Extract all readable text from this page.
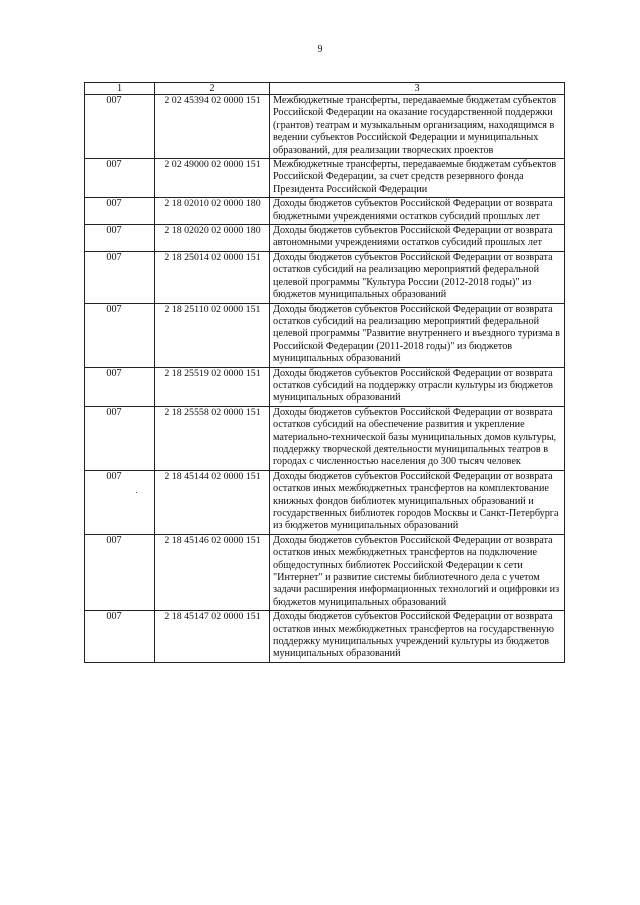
9
1	2	3
007	2 02 45394 02 0000 151	Межбюджетные трансферты, передаваемые бюджетам субъектов Российской Федерации на оказание государственной поддержки (грантов) театрам и музыкальным организациям, находящимся в ведении субъектов Российской Федерации и муниципальных образований, для реализации творческих проектов
007	2 02 49000 02 0000 151	Межбюджетные трансферты, передаваемые бюджетам субъектов Российской Федерации, за счет средств резервного фонда Президента Российской Федерации
007	2 18 02010 02 0000 180	Доходы бюджетов субъектов Российской Федерации от возврата бюджетными учреждениями остатков субсидий прошлых лет
007	2 18 02020 02 0000 180	Доходы бюджетов субъектов Российской Федерации от возврата автономными учреждениями остатков субсидий прошлых лет
007	2 18 25014 02 0000 151	Доходы бюджетов субъектов Российской Федерации от возврата остатков субсидий на реализацию мероприятий федеральной целевой программы "Культура России (2012-2018 годы)" из бюджетов муниципальных образований
007	2 18 25110 02 0000 151	Доходы бюджетов субъектов Российской Федерации от возврата остатков субсидий на реализацию мероприятий федеральной целевой программы "Развитие внутреннего и въездного туризма в Российской Федерации (2011-2018 годы)" из бюджетов муниципальных образований
007	2 18 25519 02 0000 151	Доходы бюджетов субъектов Российской Федерации от возврата остатков субсидий на поддержку отрасли культуры из бюджетов муниципальных образований
007	2 18 25558 02 0000 151	Доходы бюджетов субъектов Российской Федерации от возврата остатков субсидий на обеспечение развития и укрепление материально-технической базы муниципальных домов культуры, поддержку творческой деятельности муниципальных театров в городах с численностью населения до 300 тысяч человек
007	2 18 45144 02 0000 151	Доходы бюджетов субъектов Российской Федерации от возврата остатков иных межбюджетных трансфертов на комплектование книжных фондов библиотек муниципальных образований и государственных библиотек городов Москвы и Санкт-Петербурга из бюджетов муниципальных образований
007	2 18 45146 02 0000 151	Доходы бюджетов субъектов Российской Федерации от возврата остатков иных межбюджетных трансфертов на подключение общедоступных библиотек Российской Федерации к сети "Интернет" и развитие системы библиотечного дела с учетом задачи расширения информационных технологий и оцифровки из бюджетов муниципальных образований
007	2 18 45147 02 0000 151	Доходы бюджетов субъектов Российской Федерации от возврата остатков иных межбюджетных трансфертов на государственную поддержку муниципальных учреждений культуры из бюджетов муниципальных образований
